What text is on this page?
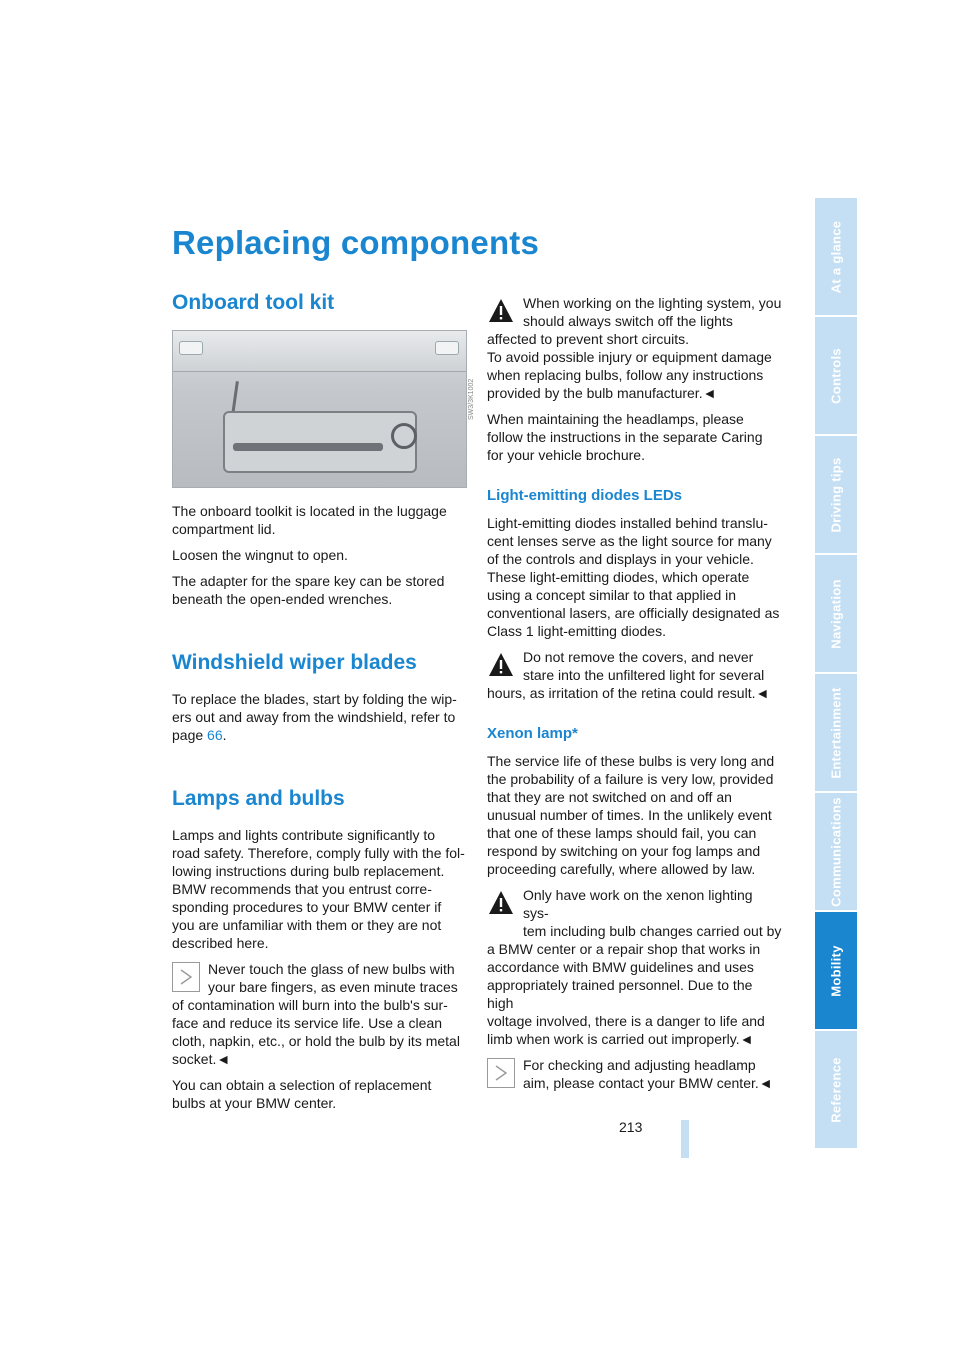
Replacing components
Onboard tool kit

The onboard toolkit is located in the luggage compartment lid.

Loosen the wingnut to open.

The adapter for the spare key can be stored beneath the open-ended wrenches.

Windshield wiper blades

To replace the blades, start by folding the wip-ers out and away from the windshield, refer to page 66.

Lamps and bulbs

Lamps and lights contribute significantly to

road safety. Therefore, comply fully with the fol-

lowing instructions during bulb replacement.

BMW recommends that you entrust corre-

sponding procedures to your BMW center if

you are unfamiliar with them or they are not

described here.

Never touch the glass of new bulbs with

your bare fingers, as even minute traces

of contamination will burn into the bulb's sur-

face and reduce its service life. Use a clean

cloth, napkin, etc., or hold the bulb by its metal

socket.◄

You can obtain a selection of replacement bulbs at your BMW center.

SW3/3K1002

When working on the lighting system, you

should always switch off the lights

affected to prevent short circuits.

To avoid possible injury or equipment damage

when replacing bulbs, follow any instructions

provided by the bulb manufacturer.◄

When maintaining the headlamps, please follow the instructions in the separate Caring for your vehicle brochure.

Light-emitting diodes LEDs

Light-emitting diodes installed behind translu-cent lenses serve as the light source for many of the controls and displays in your vehicle. These light-emitting diodes, which operate using a concept similar to that applied in conventional lasers, are officially designated as Class 1 light-emitting diodes.

Do not remove the covers, and never

stare into the unfiltered light for several

hours, as irritation of the retina could result.◄

Xenon lamp*

The service life of these bulbs is very long and the probability of a failure is very low, provided that they are not switched on and off an unusual number of times. In the unlikely event that one of these lamps should fail, you can respond by switching on your fog lamps and proceeding carefully, where allowed by law.

Only have work on the xenon lighting sys-

tem including bulb changes carried out by

a BMW center or a repair shop that works in

accordance with BMW guidelines and uses

appropriately trained personnel. Due to the high

voltage involved, there is a danger to life and

limb when work is carried out improperly.◄

For checking and adjusting headlamp

aim, please contact your BMW center.◄

213
At a glance
Controls
Driving tips
Navigation
Entertainment
Communications
Mobility
Reference
